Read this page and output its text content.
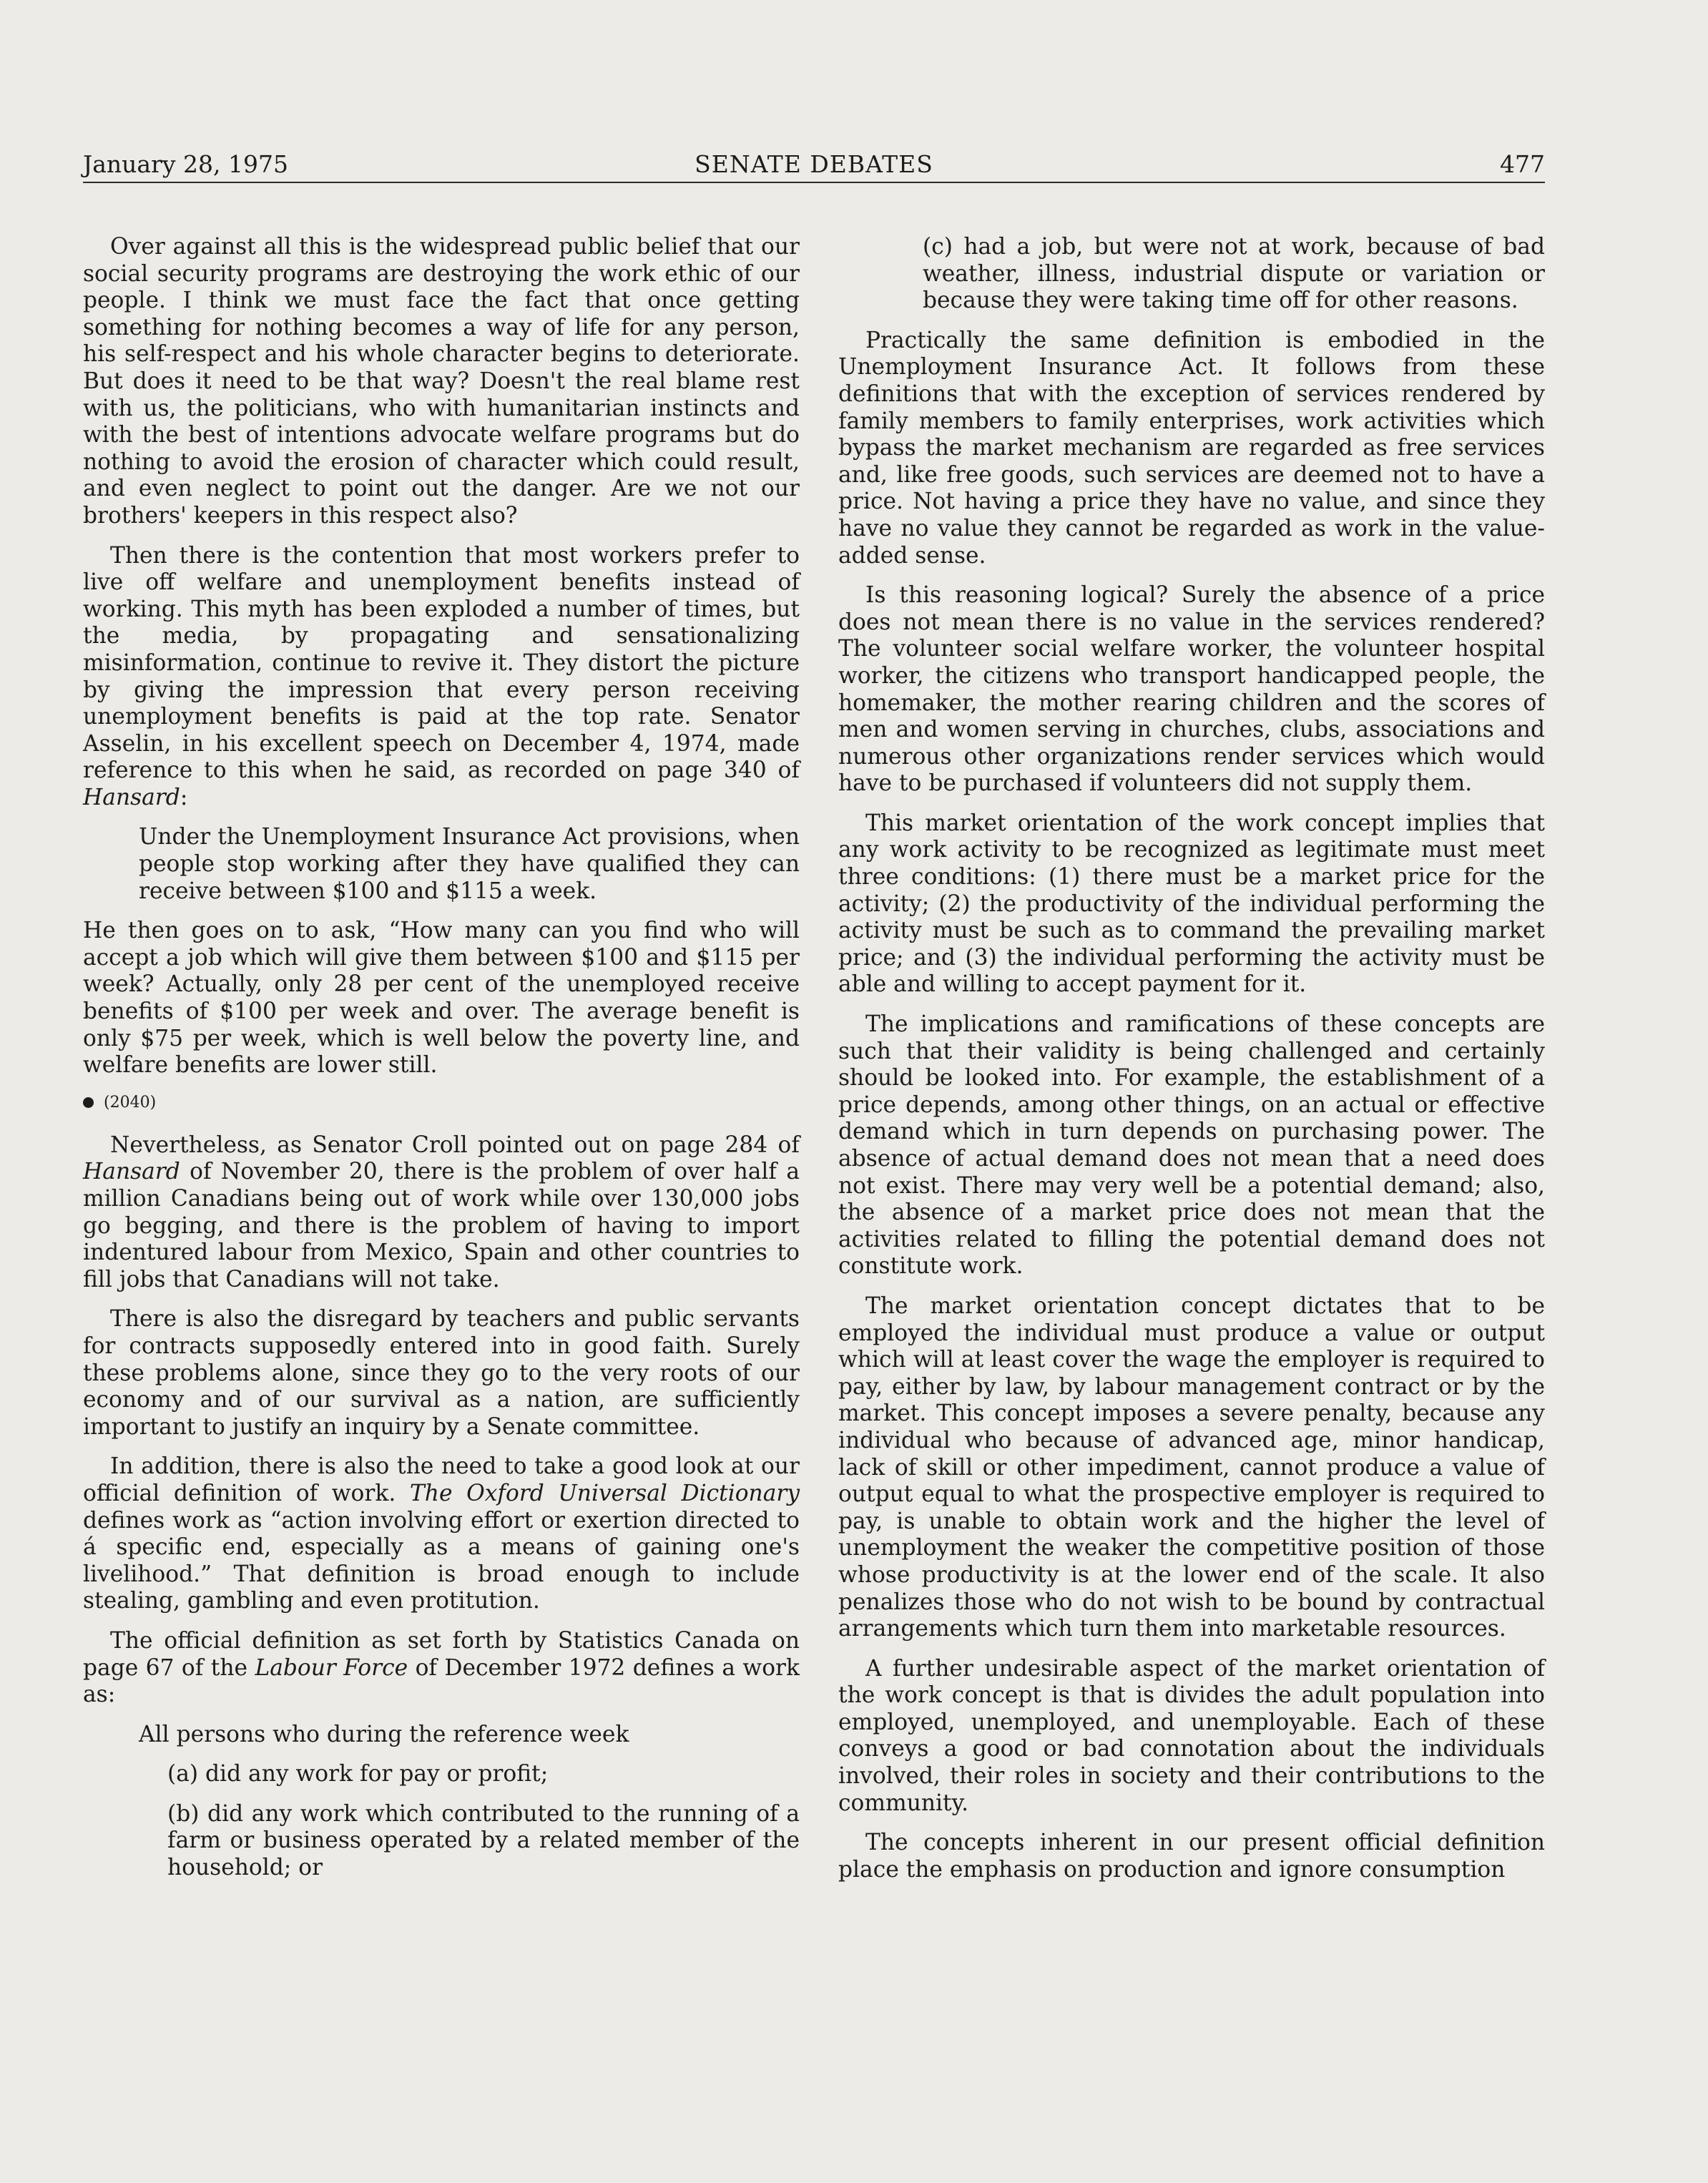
January 28, 1975	SENATE DEBATES	477

Over against all this is the widespread public belief that our social security programs are destroying the work ethic of our people. I think we must face the fact that once getting something for nothing becomes a way of life for any person, his self-respect and his whole character begins to deteriorate. But does it need to be that way? Doesn't the real blame rest with us, the politicians, who with humanitarian instincts and with the best of intentions advocate welfare programs but do nothing to avoid the erosion of character which could result, and even neglect to point out the danger. Are we not our brothers' keepers in this respect also?

Then there is the contention that most workers prefer to live off welfare and unemployment benefits instead of working. This myth has been exploded a number of times, but the media, by propagating and sensationalizing misinformation, continue to revive it. They distort the picture by giving the impression that every person receiving unemployment benefits is paid at the top rate. Senator Asselin, in his excellent speech on December 4, 1974, made reference to this when he said, as recorded on page 340 of Hansard:

Under the Unemployment Insurance Act provisions, when people stop working after they have qualified they can receive between $100 and $115 a week.

He then goes on to ask, “How many can you find who will accept a job which will give them between $100 and $115 per week? Actually, only 28 per cent of the unemployed receive benefits of $100 per week and over. The average benefit is only $75 per week, which is well below the poverty line, and welfare benefits are lower still.

(2040)

Nevertheless, as Senator Croll pointed out on page 284 of Hansard of November 20, there is the problem of over half a million Canadians being out of work while over 130,000 jobs go begging, and there is the problem of having to import indentured labour from Mexico, Spain and other countries to fill jobs that Canadians will not take.

There is also the disregard by teachers and public servants for contracts supposedly entered into in good faith. Surely these problems alone, since they go to the very roots of our economy and of our survival as a nation, are sufficiently important to justify an inquiry by a Senate committee.

In addition, there is also the need to take a good look at our official definition of work. The Oxford Universal Dictionary defines work as “action involving effort or exertion directed to á specific end, especially as a means of gaining one's livelihood.” That definition is broad enough to include stealing, gambling and even protitution.

The official definition as set forth by Statistics Canada on page 67 of the Labour Force of December 1972 defines a work as:

All persons who during the reference week

(a) did any work for pay or profit;

(b) did any work which contributed to the running of a farm or business operated by a related member of the household; or

(c) had a job, but were not at work, because of bad weather, illness, industrial dispute or variation or because they were taking time off for other reasons.

Practically the same definition is embodied in the Unemployment Insurance Act. It follows from these definitions that with the exception of services rendered by family members to family enterprises, work activities which bypass the market mechanism are regarded as free services and, like free goods, such services are deemed not to have a price. Not having a price they have no value, and since they have no value they cannot be regarded as work in the value-added sense.

Is this reasoning logical? Surely the absence of a price does not mean there is no value in the services rendered? The volunteer social welfare worker, the volunteer hospital worker, the citizens who transport handicapped people, the homemaker, the mother rearing children and the scores of men and women serving in churches, clubs, associations and numerous other organizations render services which would have to be purchased if volunteers did not supply them.

This market orientation of the work concept implies that any work activity to be recognized as legitimate must meet three conditions: (1) there must be a market price for the activity; (2) the productivity of the individual performing the activity must be such as to command the prevailing market price; and (3) the individual performing the activity must be able and willing to accept payment for it.

The implications and ramifications of these concepts are such that their validity is being challenged and certainly should be looked into. For example, the establishment of a price depends, among other things, on an actual or effective demand which in turn depends on purchasing power. The absence of actual demand does not mean that a need does not exist. There may very well be a potential demand; also, the absence of a market price does not mean that the activities related to filling the potential demand does not constitute work.

The market orientation concept dictates that to be employed the individual must produce a value or output which will at least cover the wage the employer is required to pay, either by law, by labour management contract or by the market. This concept imposes a severe penalty, because any individual who because of advanced age, minor handicap, lack of skill or other impediment, cannot produce a value of output equal to what the prospective employer is required to pay, is unable to obtain work and the higher the level of unemployment the weaker the competitive position of those whose productivity is at the lower end of the scale. It also penalizes those who do not wish to be bound by contractual arrangements which turn them into marketable resources.

A further undesirable aspect of the market orientation of the work concept is that is divides the adult population into employed, unemployed, and unemployable. Each of these conveys a good or bad connotation about the individuals involved, their roles in society and their contributions to the community.

The concepts inherent in our present official definition place the emphasis on production and ignore consumption
